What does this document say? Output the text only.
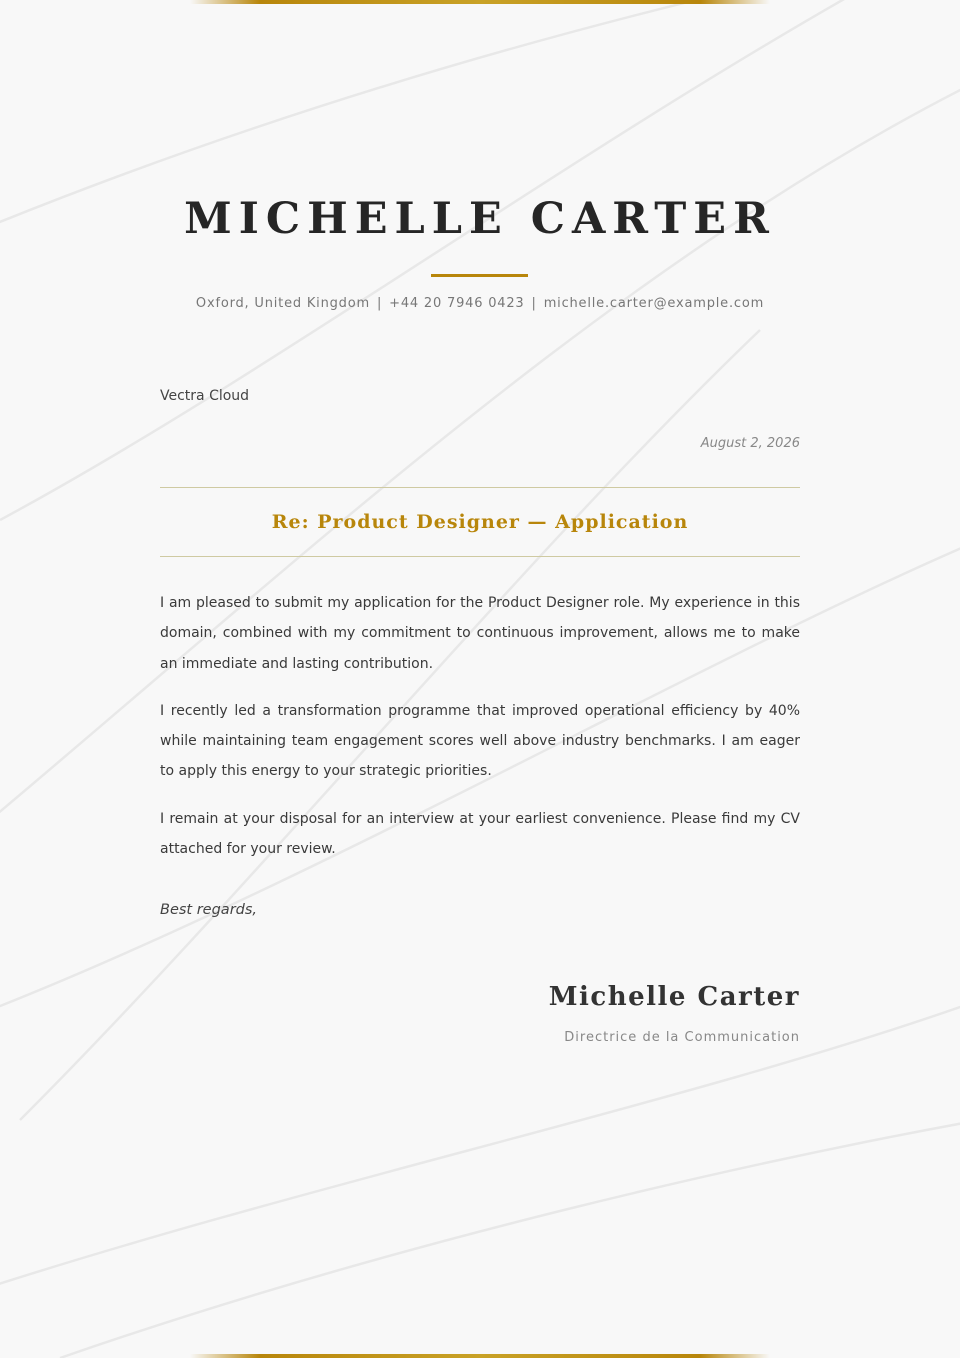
MICHELLE CARTER
Oxford, United Kingdom | +44 20 7946 0423 | michelle.carter@example.com
Vectra Cloud
August 2, 2026
Re: Product Designer — Application

I am pleased to submit my application for the Product Designer role. My experience in this domain, combined with my commitment to continuous improvement, allows me to make an immediate and lasting contribution.

I recently led a transformation programme that improved operational efficiency by 40% while maintaining team engagement scores well above industry benchmarks. I am eager to apply this energy to your strategic priorities.

I remain at your disposal for an interview at your earliest convenience. Please find my CV attached for your review.

Best regards,
Michelle Carter
Directrice de la Communication
